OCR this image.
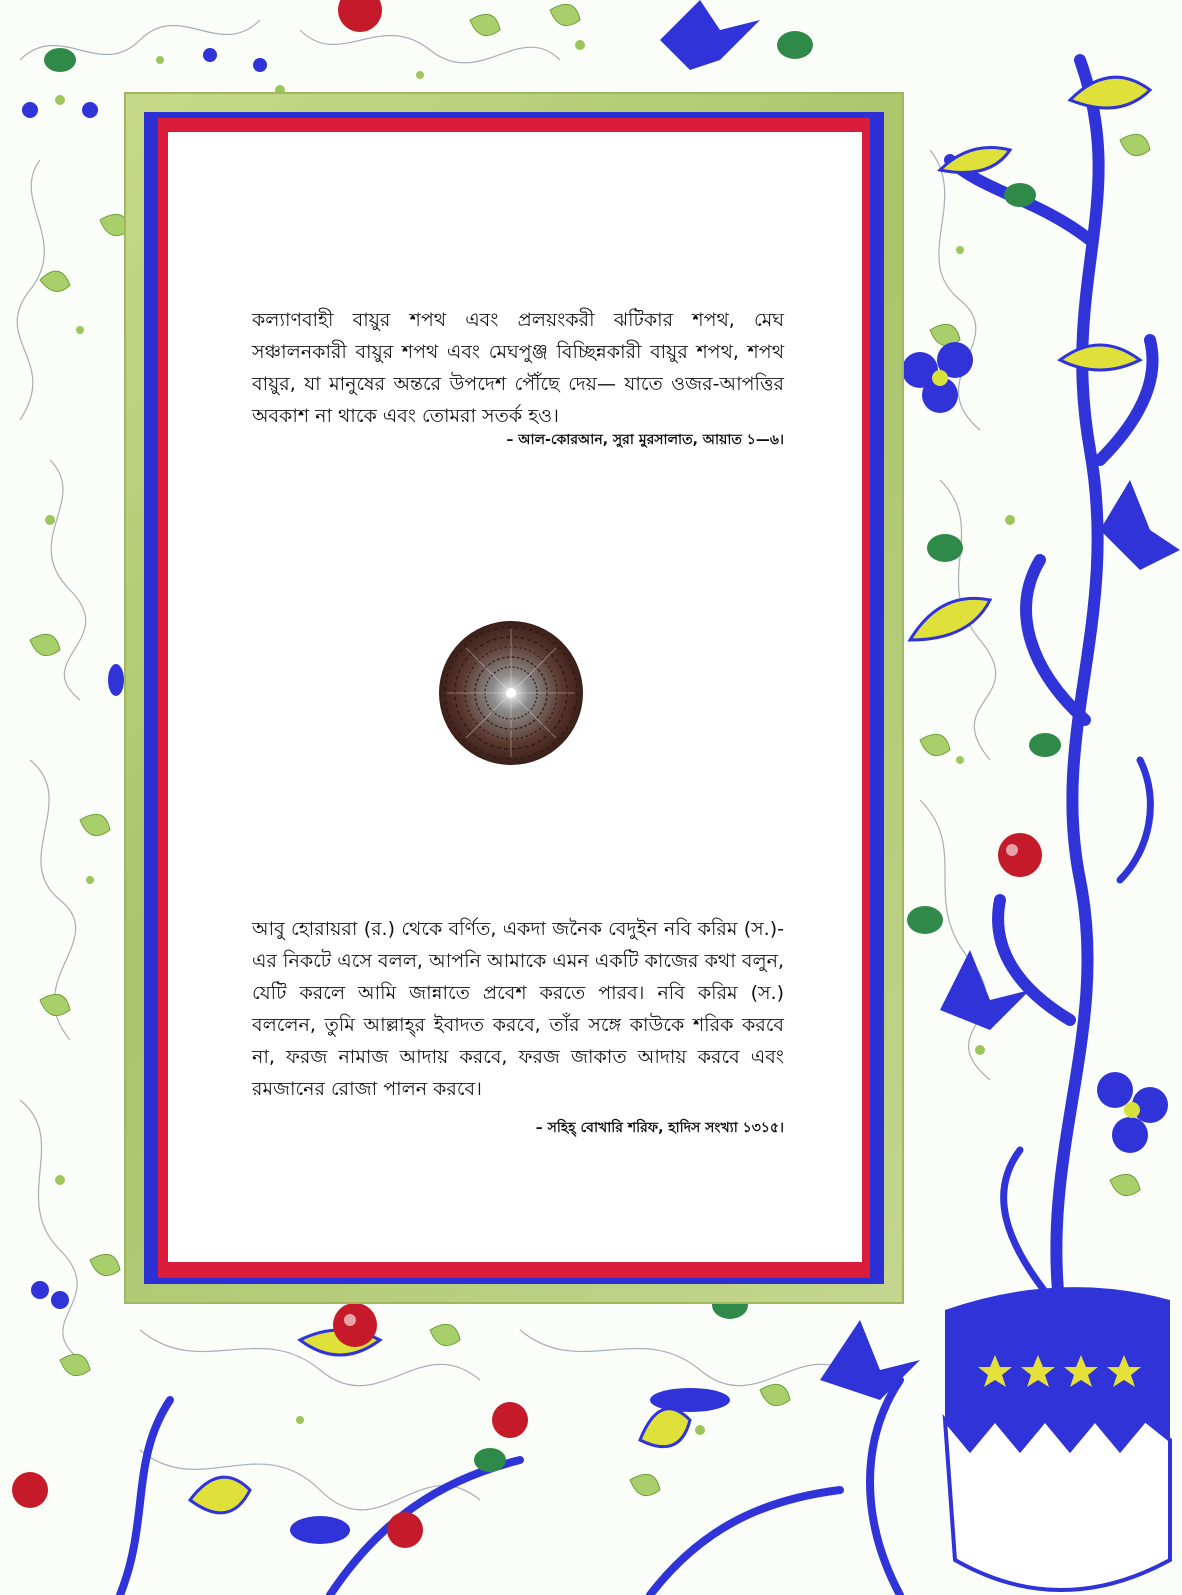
কল্যাণবাহী বায়ুর শপথ এবং প্রলয়ংকরী ঝটিকার শপথ, মেঘ সঞ্চালনকারী বায়ুর শপথ এবং মেঘপুঞ্জ বিচ্ছিন্নকারী বায়ুর শপথ, শপথ বায়ুর, যা মানুষের অন্তরে উপদেশ পৌঁছে দেয়— যাতে ওজর-আপত্তির অবকাশ না থাকে এবং তোমরা সতর্ক হও।

– আল-কোরআন, সুরা মুরসালাত, আয়াত ১—৬।

আবু হোরায়রা (র.) থেকে বর্ণিত, একদা জনৈক বেদুইন নবি করিম (স.)-এর নিকটে এসে বলল, আপনি আমাকে এমন একটি কাজের কথা বলুন, যেটি করলে আমি জান্নাতে প্রবেশ করতে পারব। নবি করিম (স.) বললেন, তুমি আল্লাহ্‌র ইবাদত করবে, তাঁর সঙ্গে কাউকে শরিক করবে না, ফরজ নামাজ আদায় করবে, ফরজ জাকাত আদায় করবে এবং রমজানের রোজা পালন করবে।

– সহিহ্‌ বোখারি শরিফ, হাদিস সংখ্যা ১৩১৫।
